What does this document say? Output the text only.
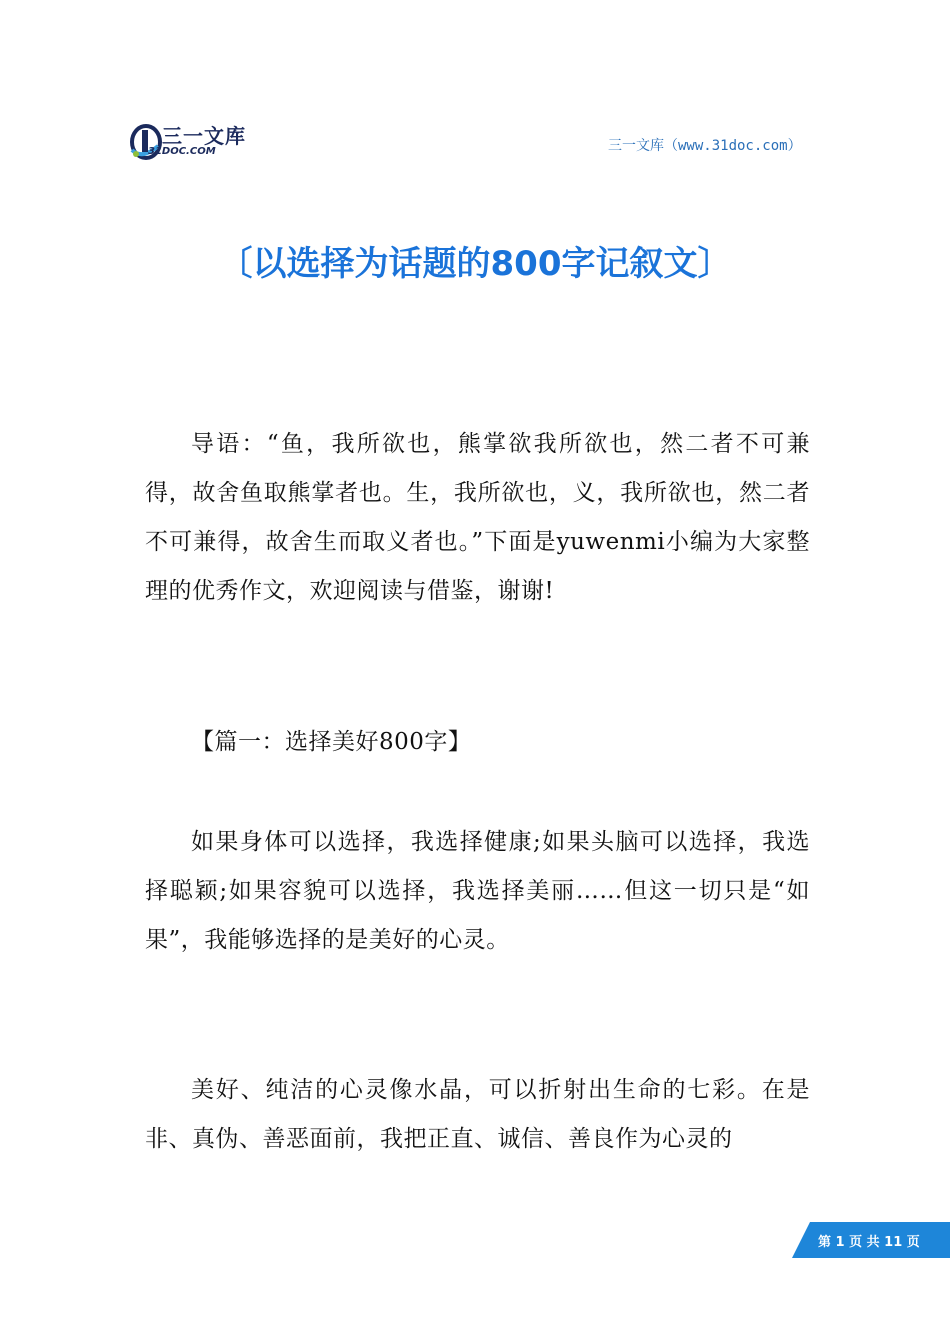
三一文库
31DOC.COM	三一文库（www.31doc.com）
〔以选择为话题的800字记叙文〕

导语：“鱼，我所欲也，熊掌欲我所欲也，然二者不可兼得，故舍鱼取熊掌者也。生，我所欲也，义，我所欲也，然二者不可兼得，故舍生而取义者也。”下面是yuwenmi小编为大家整理的优秀作文，欢迎阅读与借鉴，谢谢!

【篇一：选择美好800字】

如果身体可以选择，我选择健康;如果头脑可以选择，我选择聪颖;如果容貌可以选择，我选择美丽……但这一切只是“如果”，我能够选择的是美好的心灵。

美好、纯洁的心灵像水晶，可以折射出生命的七彩。在是非、真伪、善恶面前，我把正直、诚信、善良作为心灵的

第 1 页 共 11 页
